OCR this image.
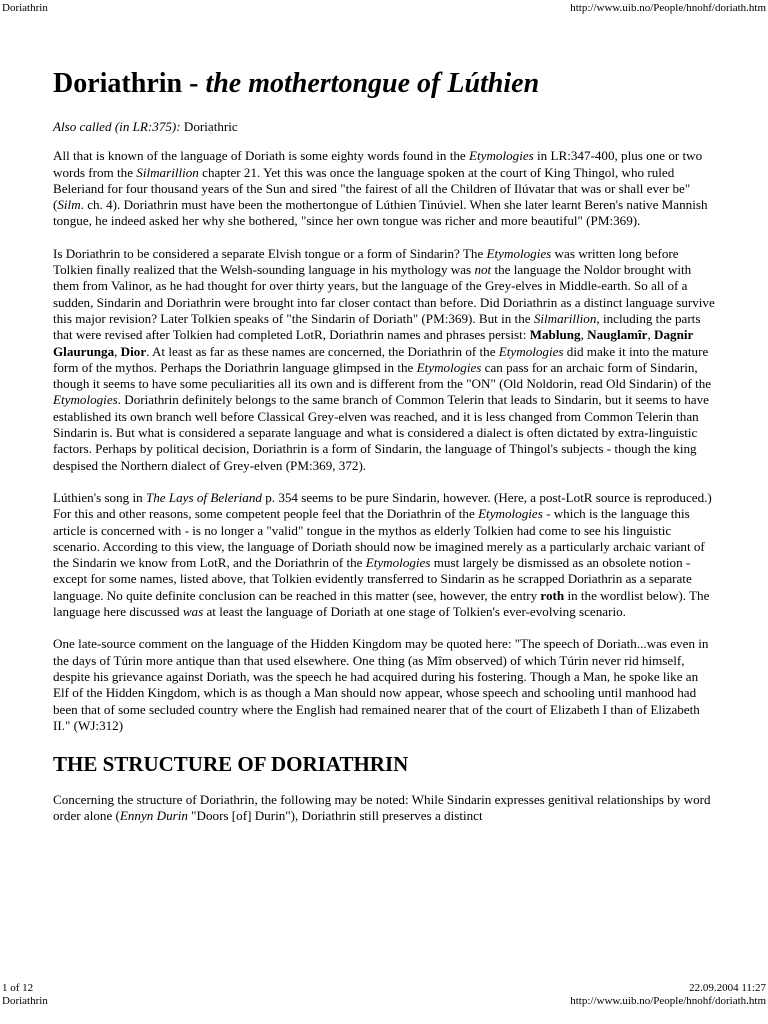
Doriathrin	http://www.uib.no/People/hnohf/doriath.htm
Doriathrin - the mothertongue of Lúthien

Also called (in LR:375): Doriathric

All that is known of the language of Doriath is some eighty words found in the Etymologies in LR:347-400, plus one or two words from the Silmarillion chapter 21. Yet this was once the language spoken at the court of King Thingol, who ruled Beleriand for four thousand years of the Sun and sired "the fairest of all the Children of Ilúvatar that was or shall ever be" (Silm. ch. 4). Doriathrin must have been the mothertongue of Lúthien Tinúviel. When she later learnt Beren's native Mannish tongue, he indeed asked her why she bothered, "since her own tongue was richer and more beautiful" (PM:369).

Is Doriathrin to be considered a separate Elvish tongue or a form of Sindarin? The Etymologies was written long before Tolkien finally realized that the Welsh-sounding language in his mythology was not the language the Noldor brought with them from Valinor, as he had thought for over thirty years, but the language of the Grey-elves in Middle-earth. So all of a sudden, Sindarin and Doriathrin were brought into far closer contact than before. Did Doriathrin as a distinct language survive this major revision? Later Tolkien speaks of "the Sindarin of Doriath" (PM:369). But in the Silmarillion, including the parts that were revised after Tolkien had completed LotR, Doriathrin names and phrases persist: Mablung, Nauglamîr, Dagnir Glaurunga, Dior. At least as far as these names are concerned, the Doriathrin of the Etymologies did make it into the mature form of the mythos. Perhaps the Doriathrin language glimpsed in the Etymologies can pass for an archaic form of Sindarin, though it seems to have some peculiarities all its own and is different from the "ON" (Old Noldorin, read Old Sindarin) of the Etymologies. Doriathrin definitely belongs to the same branch of Common Telerin that leads to Sindarin, but it seems to have established its own branch well before Classical Grey-elven was reached, and it is less changed from Common Telerin than Sindarin is. But what is considered a separate language and what is considered a dialect is often dictated by extra-linguistic factors. Perhaps by political decision, Doriathrin is a form of Sindarin, the language of Thingol's subjects - though the king despised the Northern dialect of Grey-elven (PM:369, 372).

Lúthien's song in The Lays of Beleriand p. 354 seems to be pure Sindarin, however. (Here, a post-LotR source is reproduced.) For this and other reasons, some competent people feel that the Doriathrin of the Etymologies - which is the language this article is concerned with - is no longer a "valid" tongue in the mythos as elderly Tolkien had come to see his linguistic scenario. According to this view, the language of Doriath should now be imagined merely as a particularly archaic variant of the Sindarin we know from LotR, and the Doriathrin of the Etymologies must largely be dismissed as an obsolete notion - except for some names, listed above, that Tolkien evidently transferred to Sindarin as he scrapped Doriathrin as a separate language. No quite definite conclusion can be reached in this matter (see, however, the entry roth in the wordlist below). The language here discussed was at least the language of Doriath at one stage of Tolkien's ever-evolving scenario.

One late-source comment on the language of the Hidden Kingdom may be quoted here: "The speech of Doriath...was even in the days of Túrin more antique than that used elsewhere. One thing (as Mîm observed) of which Túrin never rid himself, despite his grievance against Doriath, was the speech he had acquired during his fostering. Though a Man, he spoke like an Elf of the Hidden Kingdom, which is as though a Man should now appear, whose speech and schooling until manhood had been that of some secluded country where the English had remained nearer that of the court of Elizabeth I than of Elizabeth II." (WJ:312)

THE STRUCTURE OF DORIATHRIN

Concerning the structure of Doriathrin, the following may be noted: While Sindarin expresses genitival relationships by word order alone (Ennyn Durin "Doors [of] Durin"), Doriathrin still preserves a distinct

1 of 12
Doriathrin
22.09.2004 11:27
http://www.uib.no/People/hnohf/doriath.htm
